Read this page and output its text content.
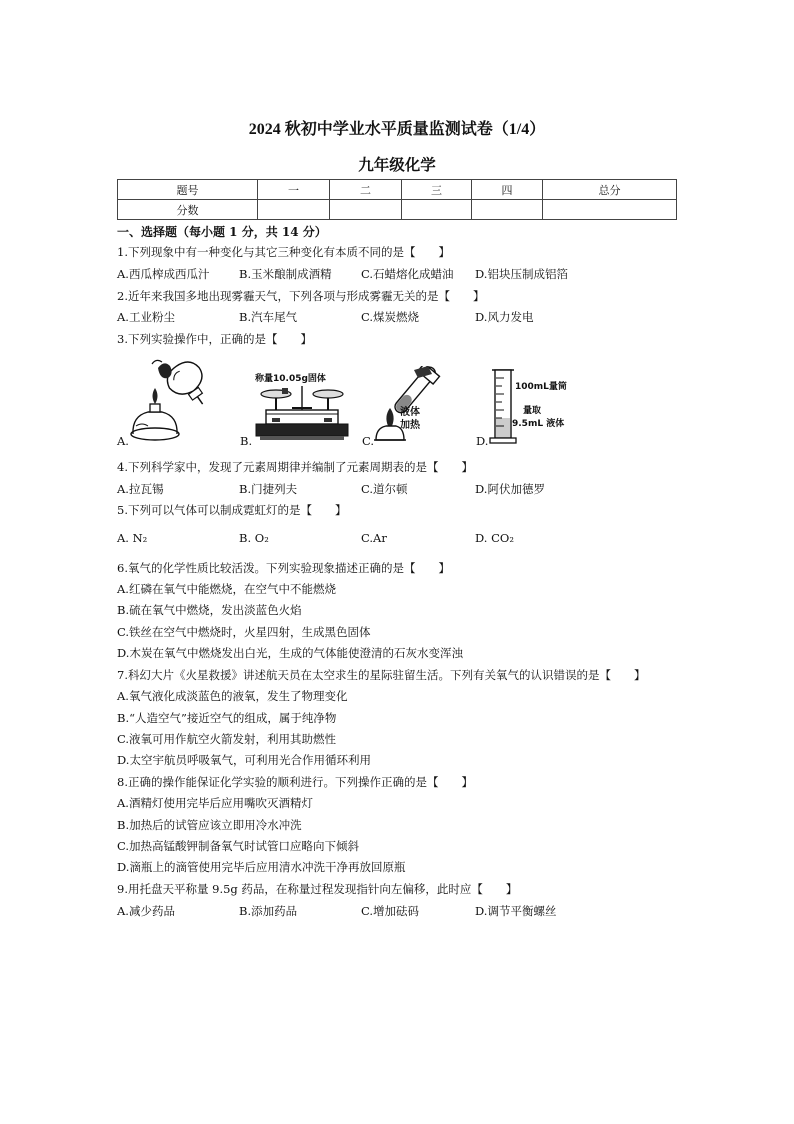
2024 秋初中学业水平质量监测试卷（1/4）
九年级化学
题号	一	二	三	四	总分
分数					
一、选择题（每小题 1 分，共 14 分）
1.下列现象中有一种变化与其它三种变化有本质不同的是【　　】
A.西瓜榨成西瓜汁	B.玉米酿制成酒精	C.石蜡熔化成蜡油 D.铝块压制成铝箔
2.近年来我国多地出现雾霾天气，下列各项与形成雾霾无关的是【　　】
A.工业粉尘	B.汽车尾气	C.煤炭燃烧	D.风力发电
3.下列实验操作中，正确的是【　　】
A.
称量10.05g固体
B.
液体
加热
C.
100mL量筒
量取
9.5mL 液体
D.
4.下列科学家中，发现了元素周期律并编制了元素周期表的是【　　】
A.拉瓦锡	B.门捷列夫	C.道尔顿	D.阿伏加德罗
5.下列可以气体可以制成霓虹灯的是【　　】
A. N₂	B. O₂	C.Ar	D. CO₂
6.氧气的化学性质比较活泼。下列实验现象描述正确的是【　　】
A.红磷在氧气中能燃烧，在空气中不能燃烧
B.硫在氧气中燃烧，发出淡蓝色火焰
C.铁丝在空气中燃烧时，火星四射，生成黑色固体
D.木炭在氧气中燃烧发出白光，生成的气体能使澄清的石灰水变浑浊
7.科幻大片《火星救援》讲述航天员在太空求生的星际驻留生活。下列有关氧气的认识错误的是【　　】
A.氧气液化成淡蓝色的液氧，发生了物理变化
B.“人造空气”接近空气的组成，属于纯净物
C.液氧可用作航空火箭发射，利用其助燃性
D.太空宇航员呼吸氧气，可利用光合作用循环利用
8.正确的操作能保证化学实验的顺利进行。下列操作正确的是【　　】
A.酒精灯使用完毕后应用嘴吹灭酒精灯
B.加热后的试管应该立即用冷水冲洗
C.加热高锰酸钾制备氧气时试管口应略向下倾斜
D.滴瓶上的滴管使用完毕后应用清水冲洗干净再放回原瓶
9.用托盘天平称量 9.5g 药品，在称量过程发现指针向左偏移，此时应【　　】
A.减少药品	B.添加药品	C.增加砝码	D.调节平衡螺丝
